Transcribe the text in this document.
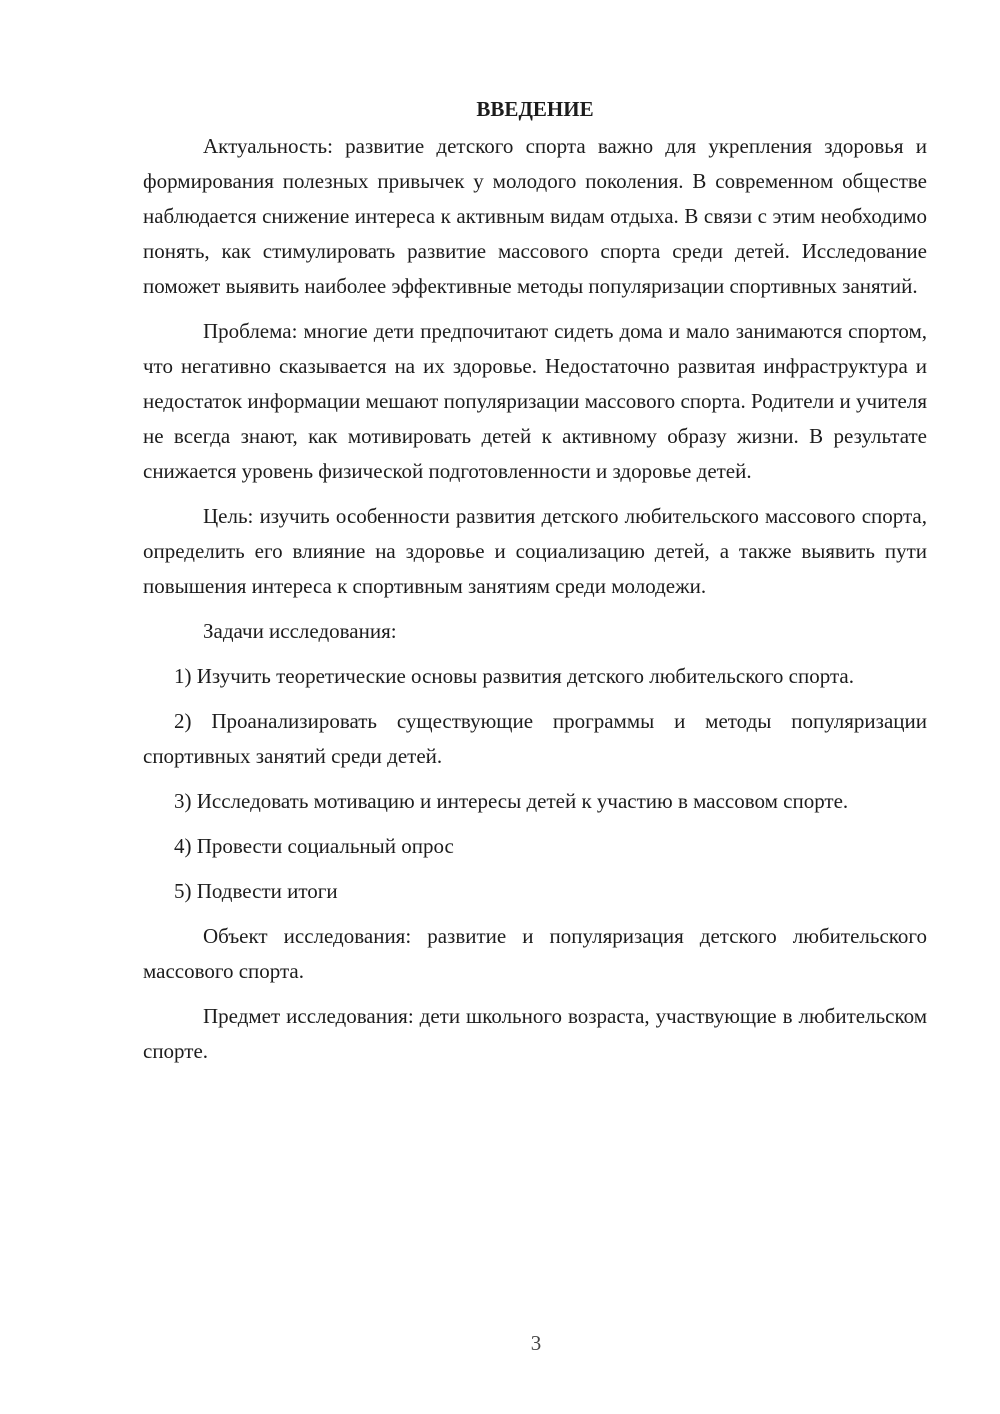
ВВЕДЕНИЕ

Актуальность: развитие детского спорта важно для укрепления здоровья и формирования полезных привычек у молодого поколения. В современном обществе наблюдается снижение интереса к активным видам отдыха. В связи с этим необходимо понять, как стимулировать развитие массового спорта среди детей. Исследование поможет выявить наиболее эффективные методы популяризации спортивных занятий.

Проблема: многие дети предпочитают сидеть дома и мало занимаются спортом, что негативно сказывается на их здоровье. Недостаточно развитая инфраструктура и недостаток информации мешают популяризации массового спорта. Родители и учителя не всегда знают, как мотивировать детей к активному образу жизни. В результате снижается уровень физической подготовленности и здоровье детей.

Цель: изучить особенности развития детского любительского массового спорта, определить его влияние на здоровье и социализацию детей, а также выявить пути повышения интереса к спортивным занятиям среди молодежи.

Задачи исследования:

1) Изучить теоретические основы развития детского любительского спорта.

2) Проанализировать существующие программы и методы популяризации спортивных занятий среди детей.

3) Исследовать мотивацию и интересы детей к участию в массовом спорте.

4) Провести социальный опрос

5) Подвести итоги

Объект исследования: развитие и популяризация детского любительского массового спорта.

Предмет исследования: дети школьного возраста, участвующие в любительском спорте.

3
